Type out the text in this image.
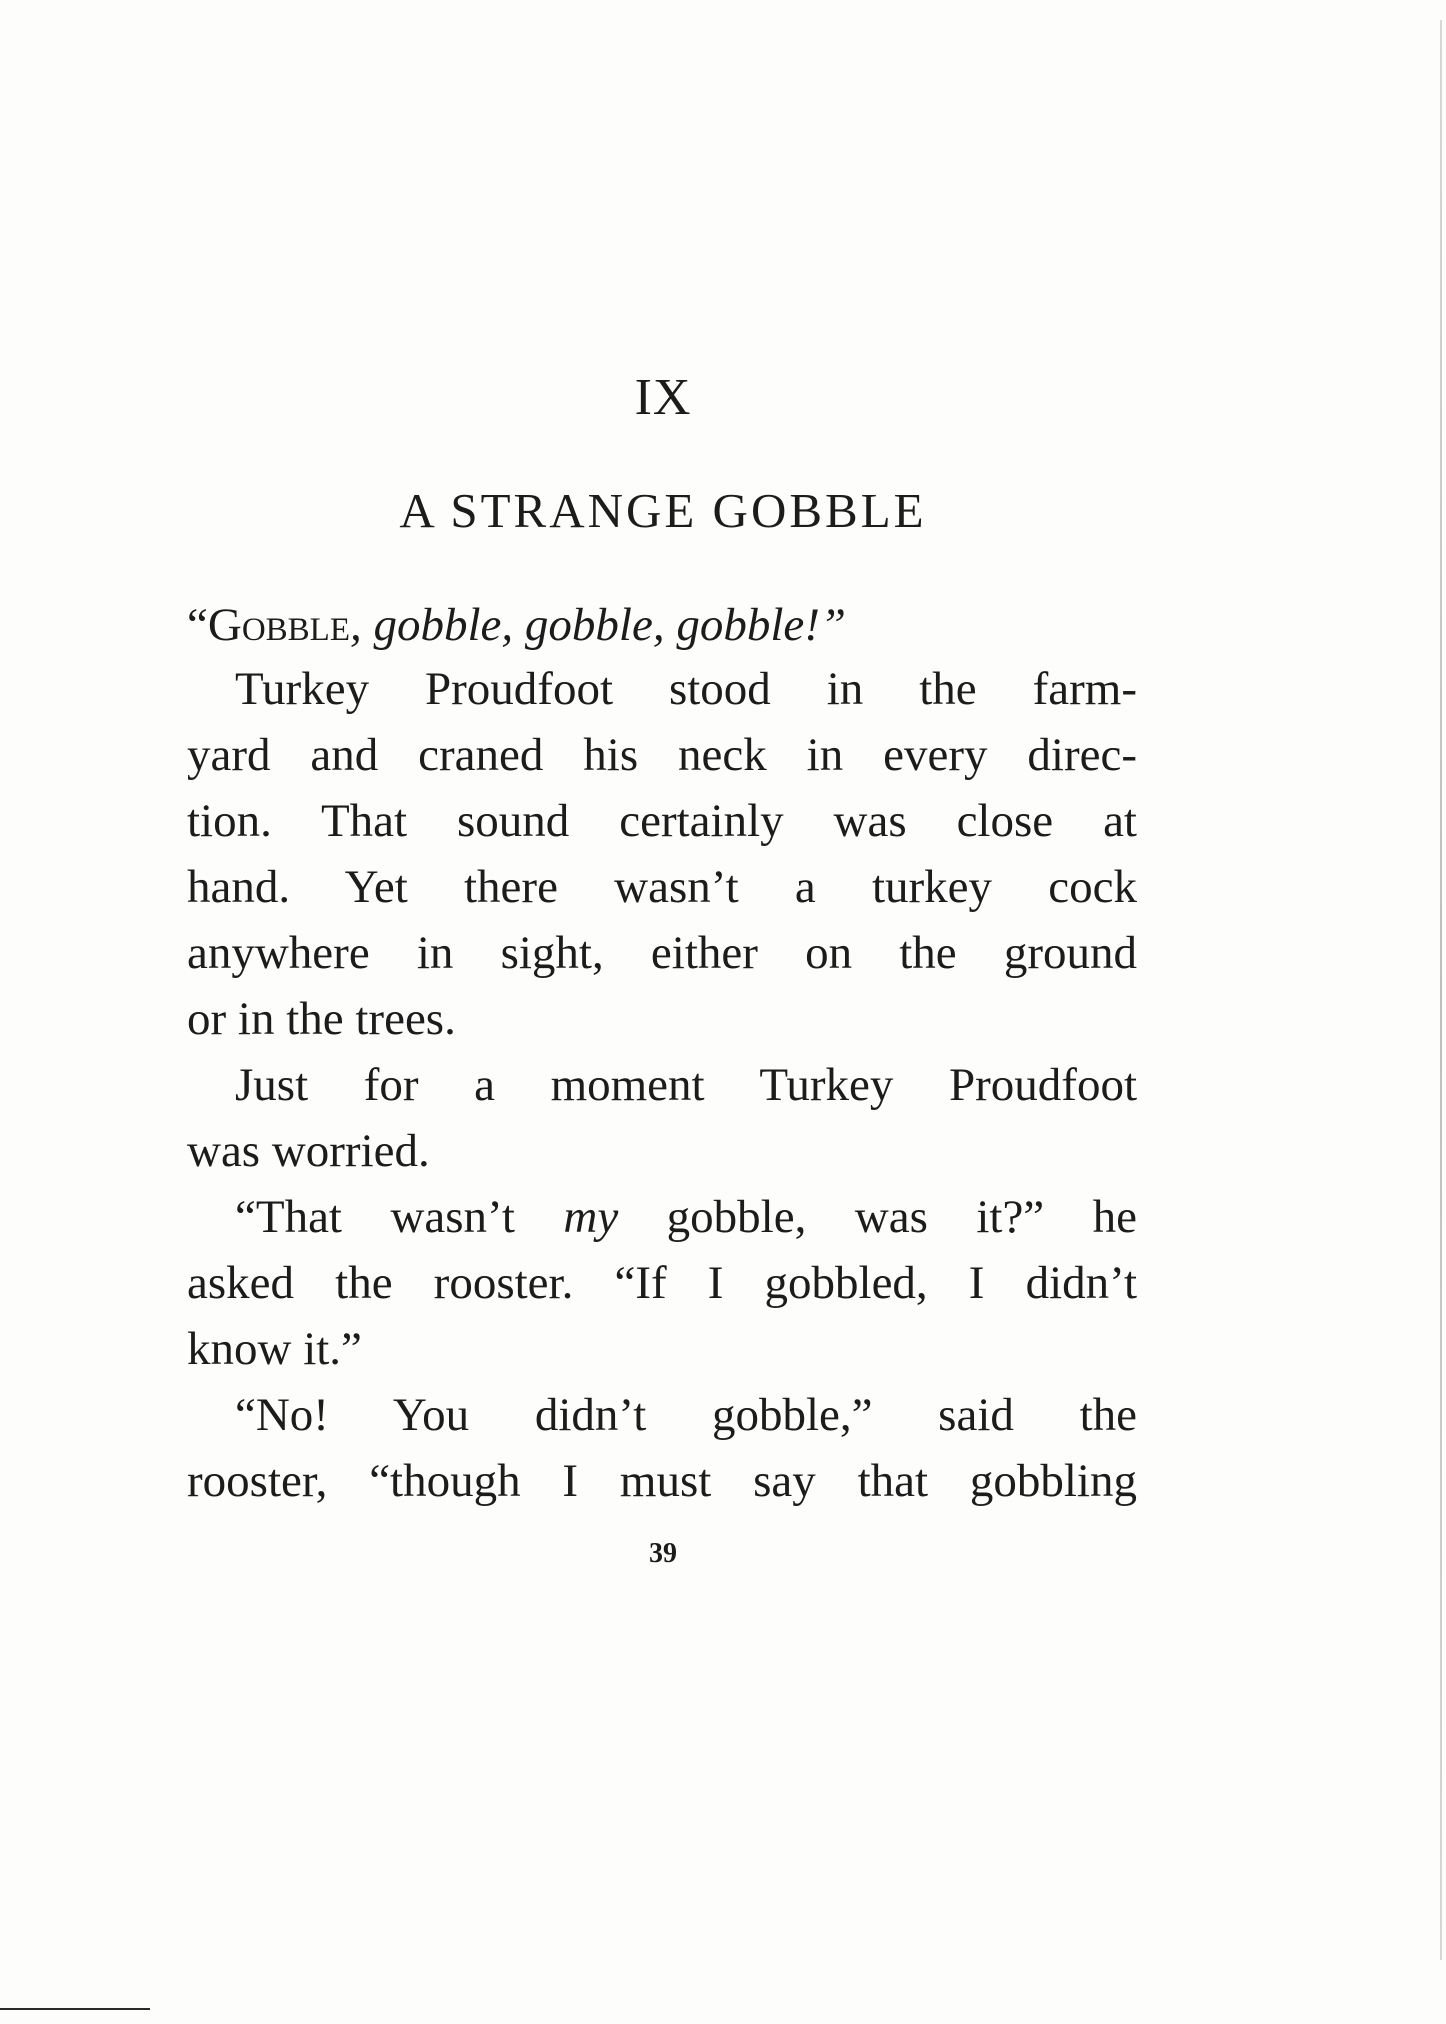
IX
A STRANGE GOBBLE
“Gobble, gobble, gobble, gobble!”
Turkey Proudfoot stood in the farm-
yard and craned his neck in every direc-
tion. That sound certainly was close at
hand. Yet there wasn’t a turkey cock
anywhere in sight, either on the ground
or in the trees.
Just for a moment Turkey Proudfoot
was worried.
“That wasn’t my gobble, was it?” he
asked the rooster. “If I gobbled, I didn’t
know it.”
“No! You didn’t gobble,” said the
rooster, “though I must say that gobbling
39
